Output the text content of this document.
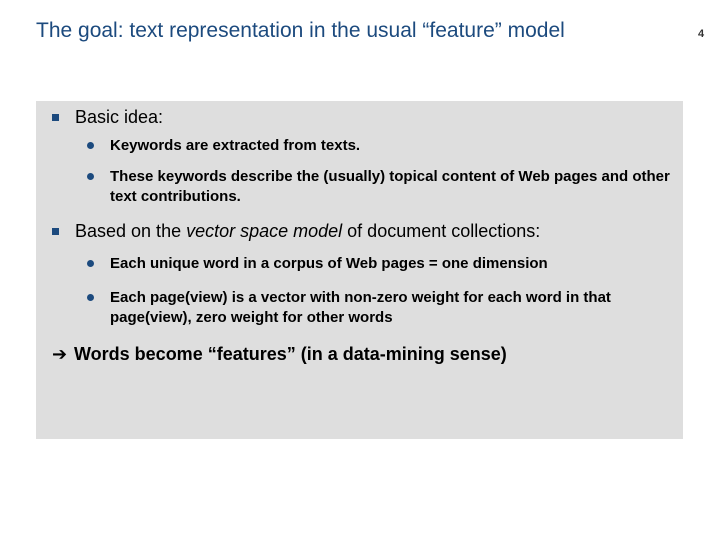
The goal: text representation in the usual “feature” model	4
Basic idea:
Keywords are extracted from texts.
These keywords describe the (usually) topical content of Web pages and other text contributions.
Based on the vector space model of document collections:
Each unique word in a corpus of Web pages = one dimension
Each page(view) is a vector with non-zero weight for each word in that page(view), zero weight for other words
➔ Words become “features” (in a data-mining sense)
